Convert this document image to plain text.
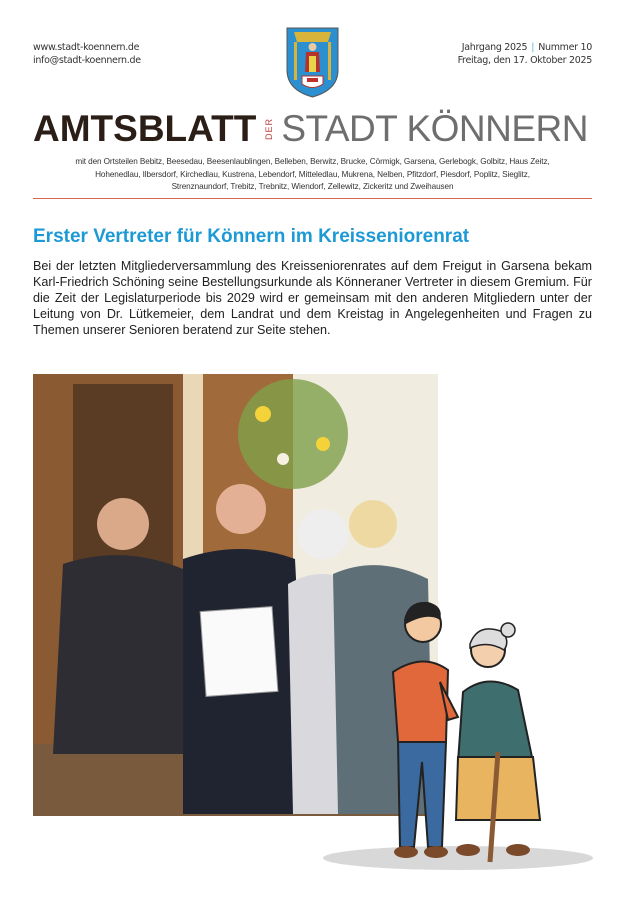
www.stadt-koennern.de
info@stadt-koennern.de
Jahrgang 2025 | Nummer 10
Freitag, den 17. Oktober 2025
AMTSBLATT DER STADT KÖNNERN
mit den Ortsteilen Bebitz, Beesedau, Beesenlaublingen, Belleben, Berwitz, Brucke, Cörmigk, Garsena, Gerlebogk, Golbitz, Haus Zeitz,
Hohenedlau, Ilbersdorf, Kirchedlau, Kustrena, Lebendorf, Mitteledlau, Mukrena, Nelben, Pfitzdorf, Piesdorf, Poplitz, Sieglitz,
Strenznaundorf, Trebitz, Trebnitz, Wiendorf, Zellewitz, Zickeritz und Zweihausen
Erster Vertreter für Könnern im Kreisseniorenrat
Bei der letzten Mitgliederversammlung des Kreisseniorenrates auf dem Freigut in Garsena bekam Karl-Friedrich Schöning seine Bestellungsurkunde als Könneraner Vertreter in diesem Gremium. Für die Zeit der Legislaturperiode bis 2029 wird er gemeinsam mit den anderen Mitgliedern unter der Leitung von Dr. Lütkemeier, dem Landrat und dem Kreistag in Angelegenheiten und Fragen zu Themen unserer Senioren beratend zur Seite stehen.
